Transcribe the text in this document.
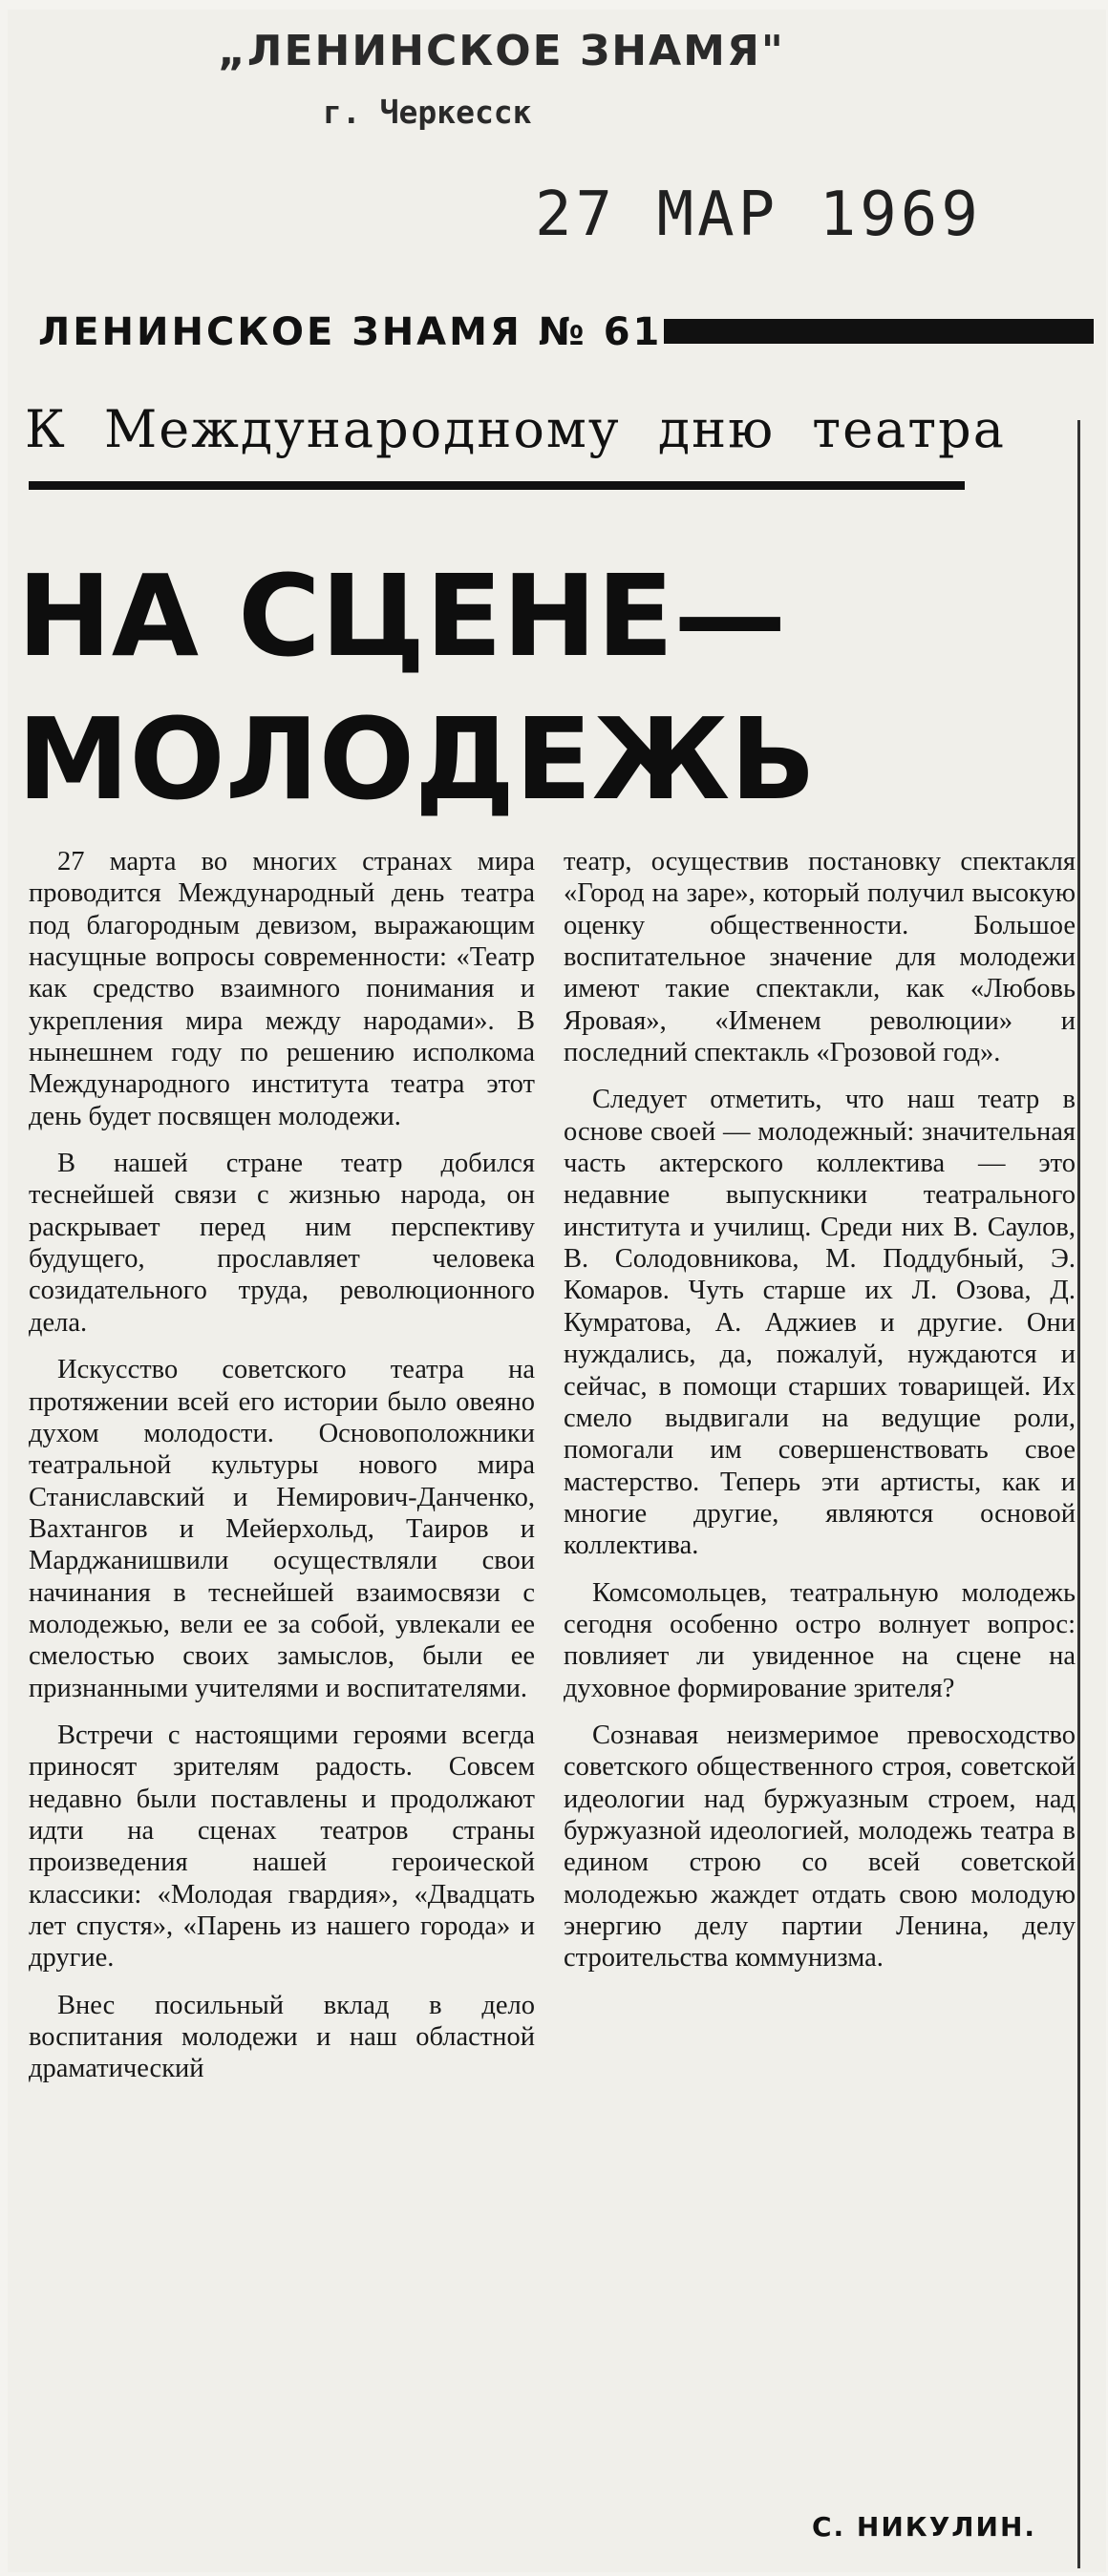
„ЛЕНИНСКОЕ ЗНАМЯ"
г. Черкесск
27 МАР 1969
ЛЕНИНСКОЕ ЗНАМЯ № 61
К Международному дню театра
НА СЦЕНЕ—
МОЛОДЕЖЬ

27 марта во многих странах мира проводится Международный день театра под благородным девизом, выражающим насущные вопросы современности: «Театр как средство взаимного понимания и укрепления мира между народами». В нынешнем году по решению исполкома Международного института театра этот день будет посвящен молодежи.

В нашей стране театр добился теснейшей связи с жизнью народа, он раскрывает перед ним перспективу будущего, прославляет человека созидательного труда, революционного дела.

Искусство советского театра на протяжении всей его истории было овеяно духом молодости. Основоположники театральной культуры нового мира Станиславский и Немирович-Данченко, Вахтангов и Мейерхольд, Таиров и Марджанишвили осуществляли свои начинания в теснейшей взаимосвязи с молодежью, вели ее за собой, увлекали ее смелостью своих замыслов, были ее признанными учителями и воспитателями.

Встречи с настоящими героями всегда приносят зрителям радость. Совсем недавно были поставлены и продолжают идти на сценах театров страны произведения нашей героической классики: «Молодая гвардия», «Двадцать лет спустя», «Парень из нашего города» и другие.

Внес посильный вклад в дело воспитания молодежи и наш областной драматический

театр, осуществив постановку спектакля «Город на заре», который получил высокую оценку общественности. Большое воспитательное значение для молодежи имеют такие спектакли, как «Любовь Яровая», «Именем революции» и последний спектакль «Грозовой год».

Следует отметить, что наш театр в основе своей — молодежный: значительная часть актерского коллектива — это недавние выпускники театрального института и училищ. Среди них В. Саулов, В. Солодовникова, М. Поддубный, Э. Комаров. Чуть старше их Л. Озова, Д. Кумратова, А. Аджиев и другие. Они нуждались, да, пожалуй, нуждаются и сейчас, в помощи старших товарищей. Их смело выдвигали на ведущие роли, помогали им совершенствовать свое мастерство. Теперь эти артисты, как и многие другие, являются основой коллектива.

Комсомольцев, театральную молодежь сегодня особенно остро волнует вопрос: повлияет ли увиденное на сцене на духовное формирование зрителя?

Сознавая неизмеримое превосходство советского общественного строя, советской идеологии над буржуазным строем, над буржуазной идеологией, молодежь театра в едином строю со всей советской молодежью жаждет отдать свою молодую энергию делу партии Ленина, делу строительства коммунизма.

С. НИКУЛИН.
